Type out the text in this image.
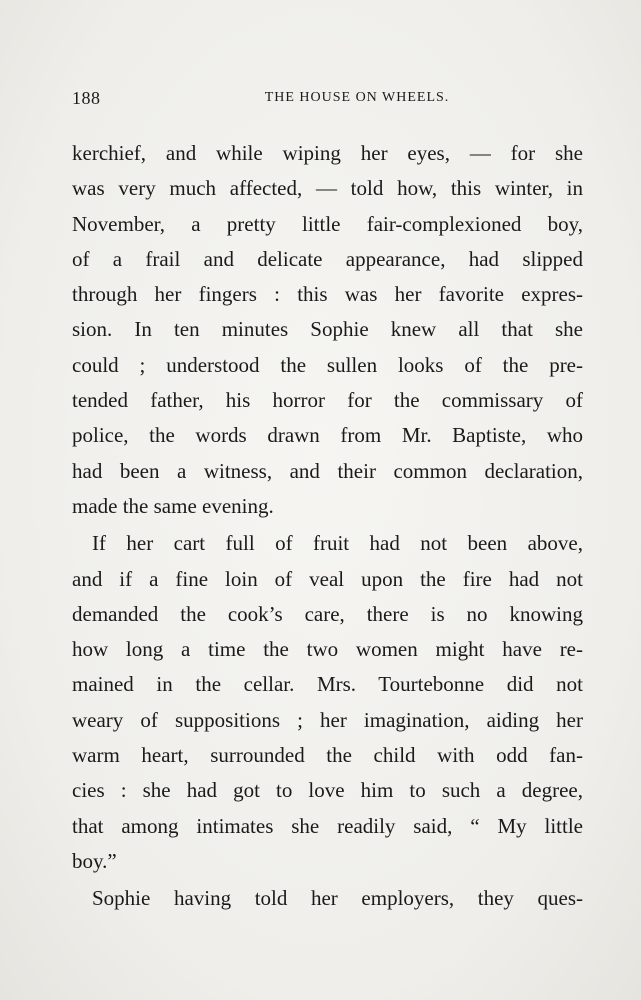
188	THE HOUSE ON WHEELS.
kerchief, and while wiping her eyes, — for she
was very much affected, — told how, this winter, in
November, a pretty little fair-complexioned boy,
of a frail and delicate appearance, had slipped
through her fingers : this was her favorite expres-
sion. In ten minutes Sophie knew all that she
could ; understood the sullen looks of the pre-
tended father, his horror for the commissary of
police, the words drawn from Mr. Baptiste, who
had been a witness, and their common declaration,
made the same evening.
If her cart full of fruit had not been above,
and if a fine loin of veal upon the fire had not
demanded the cook’s care, there is no knowing
how long a time the two women might have re-
mained in the cellar. Mrs. Tourtebonne did not
weary of suppositions ; her imagination, aiding her
warm heart, surrounded the child with odd fan-
cies : she had got to love him to such a degree,
that among intimates she readily said, “ My little
boy.”
Sophie having told her employers, they ques-
